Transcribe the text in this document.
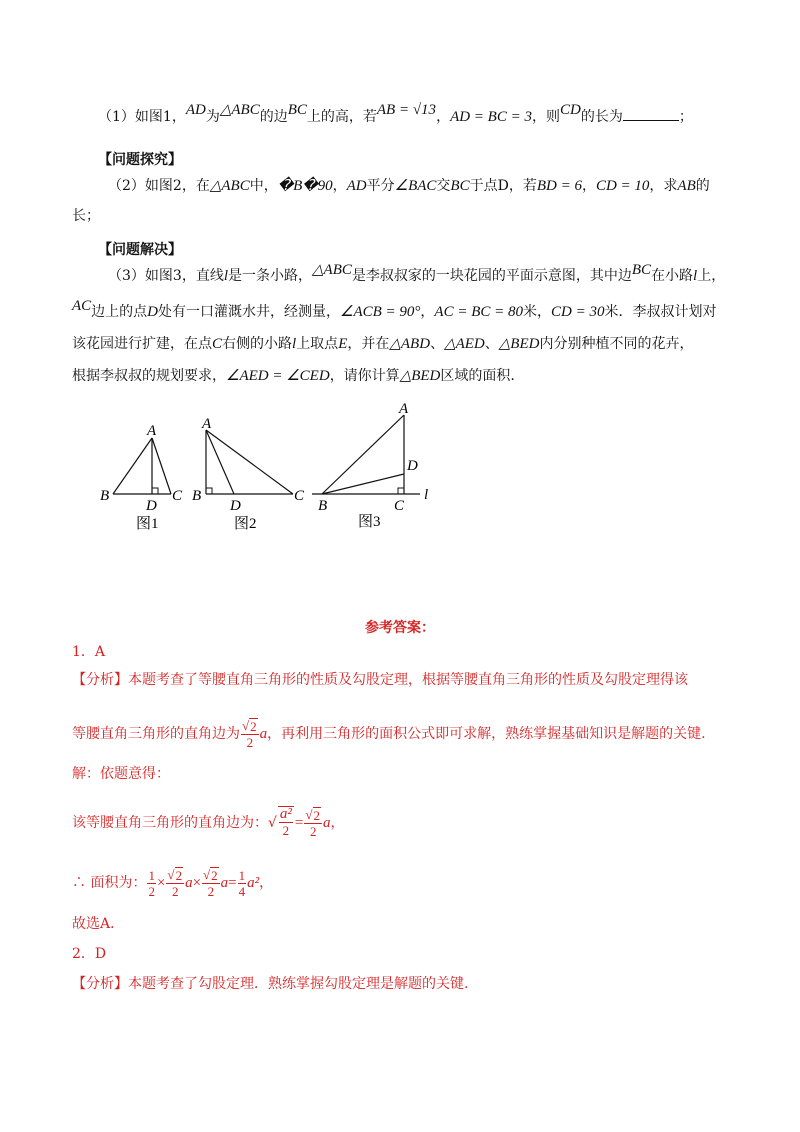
（1）如图1，AD为△ABC的边BC上的高，若AB = √13，AD = BC = 3，则CD的长为	；
【问题探究】
（2）如图2，在△ABC中，�B�90，AD平分∠BAC交BC于点D，若BD = 6，CD = 10，求AB的
长；
【问题解决】
（3）如图3，直线l是一条小路，△ABC是李叔叔家的一块花园的平面示意图，其中边BC在小路l上，
AC边上的点D处有一口灌溉水井，经测量，∠ACB = 90°，AC = BC = 80米，CD = 30米．李叔叔计划对
该花园进行扩建，在点C右侧的小路l上取点E，并在△ABD、△AED、△BED内分别种植不同的花卉，
根据李叔叔的规划要求，∠AED = ∠CED，请你计算△BED区域的面积.
A
B	C
D
图1
A
B	C
D
图2
A
B	C
D
l
图3
参考答案：
1．A
【分析】本题考查了等腰直角三角形的性质及勾股定理，根据等腰直角三角形的性质及勾股定理得该
等腰直角三角形的直角边为 $\frac{√ 2}{2}$ a，再利用三角形的面积公式即可求解，熟练掌握基础知识是解题的关键.
解：依题意得：
该等腰直角三角形的直角边为：√ $\frac{\text{a²}}{2} = \frac{√ 2}{2}$ a，
∴ 面积为： $\frac{1}{2} \times \frac{√ 2}{2} a\times \frac{√ 2}{2} a= \frac{1}{4} a^2$，
故选A．
2．D
【分析】本题考查了勾股定理．熟练掌握勾股定理是解题的关键.
